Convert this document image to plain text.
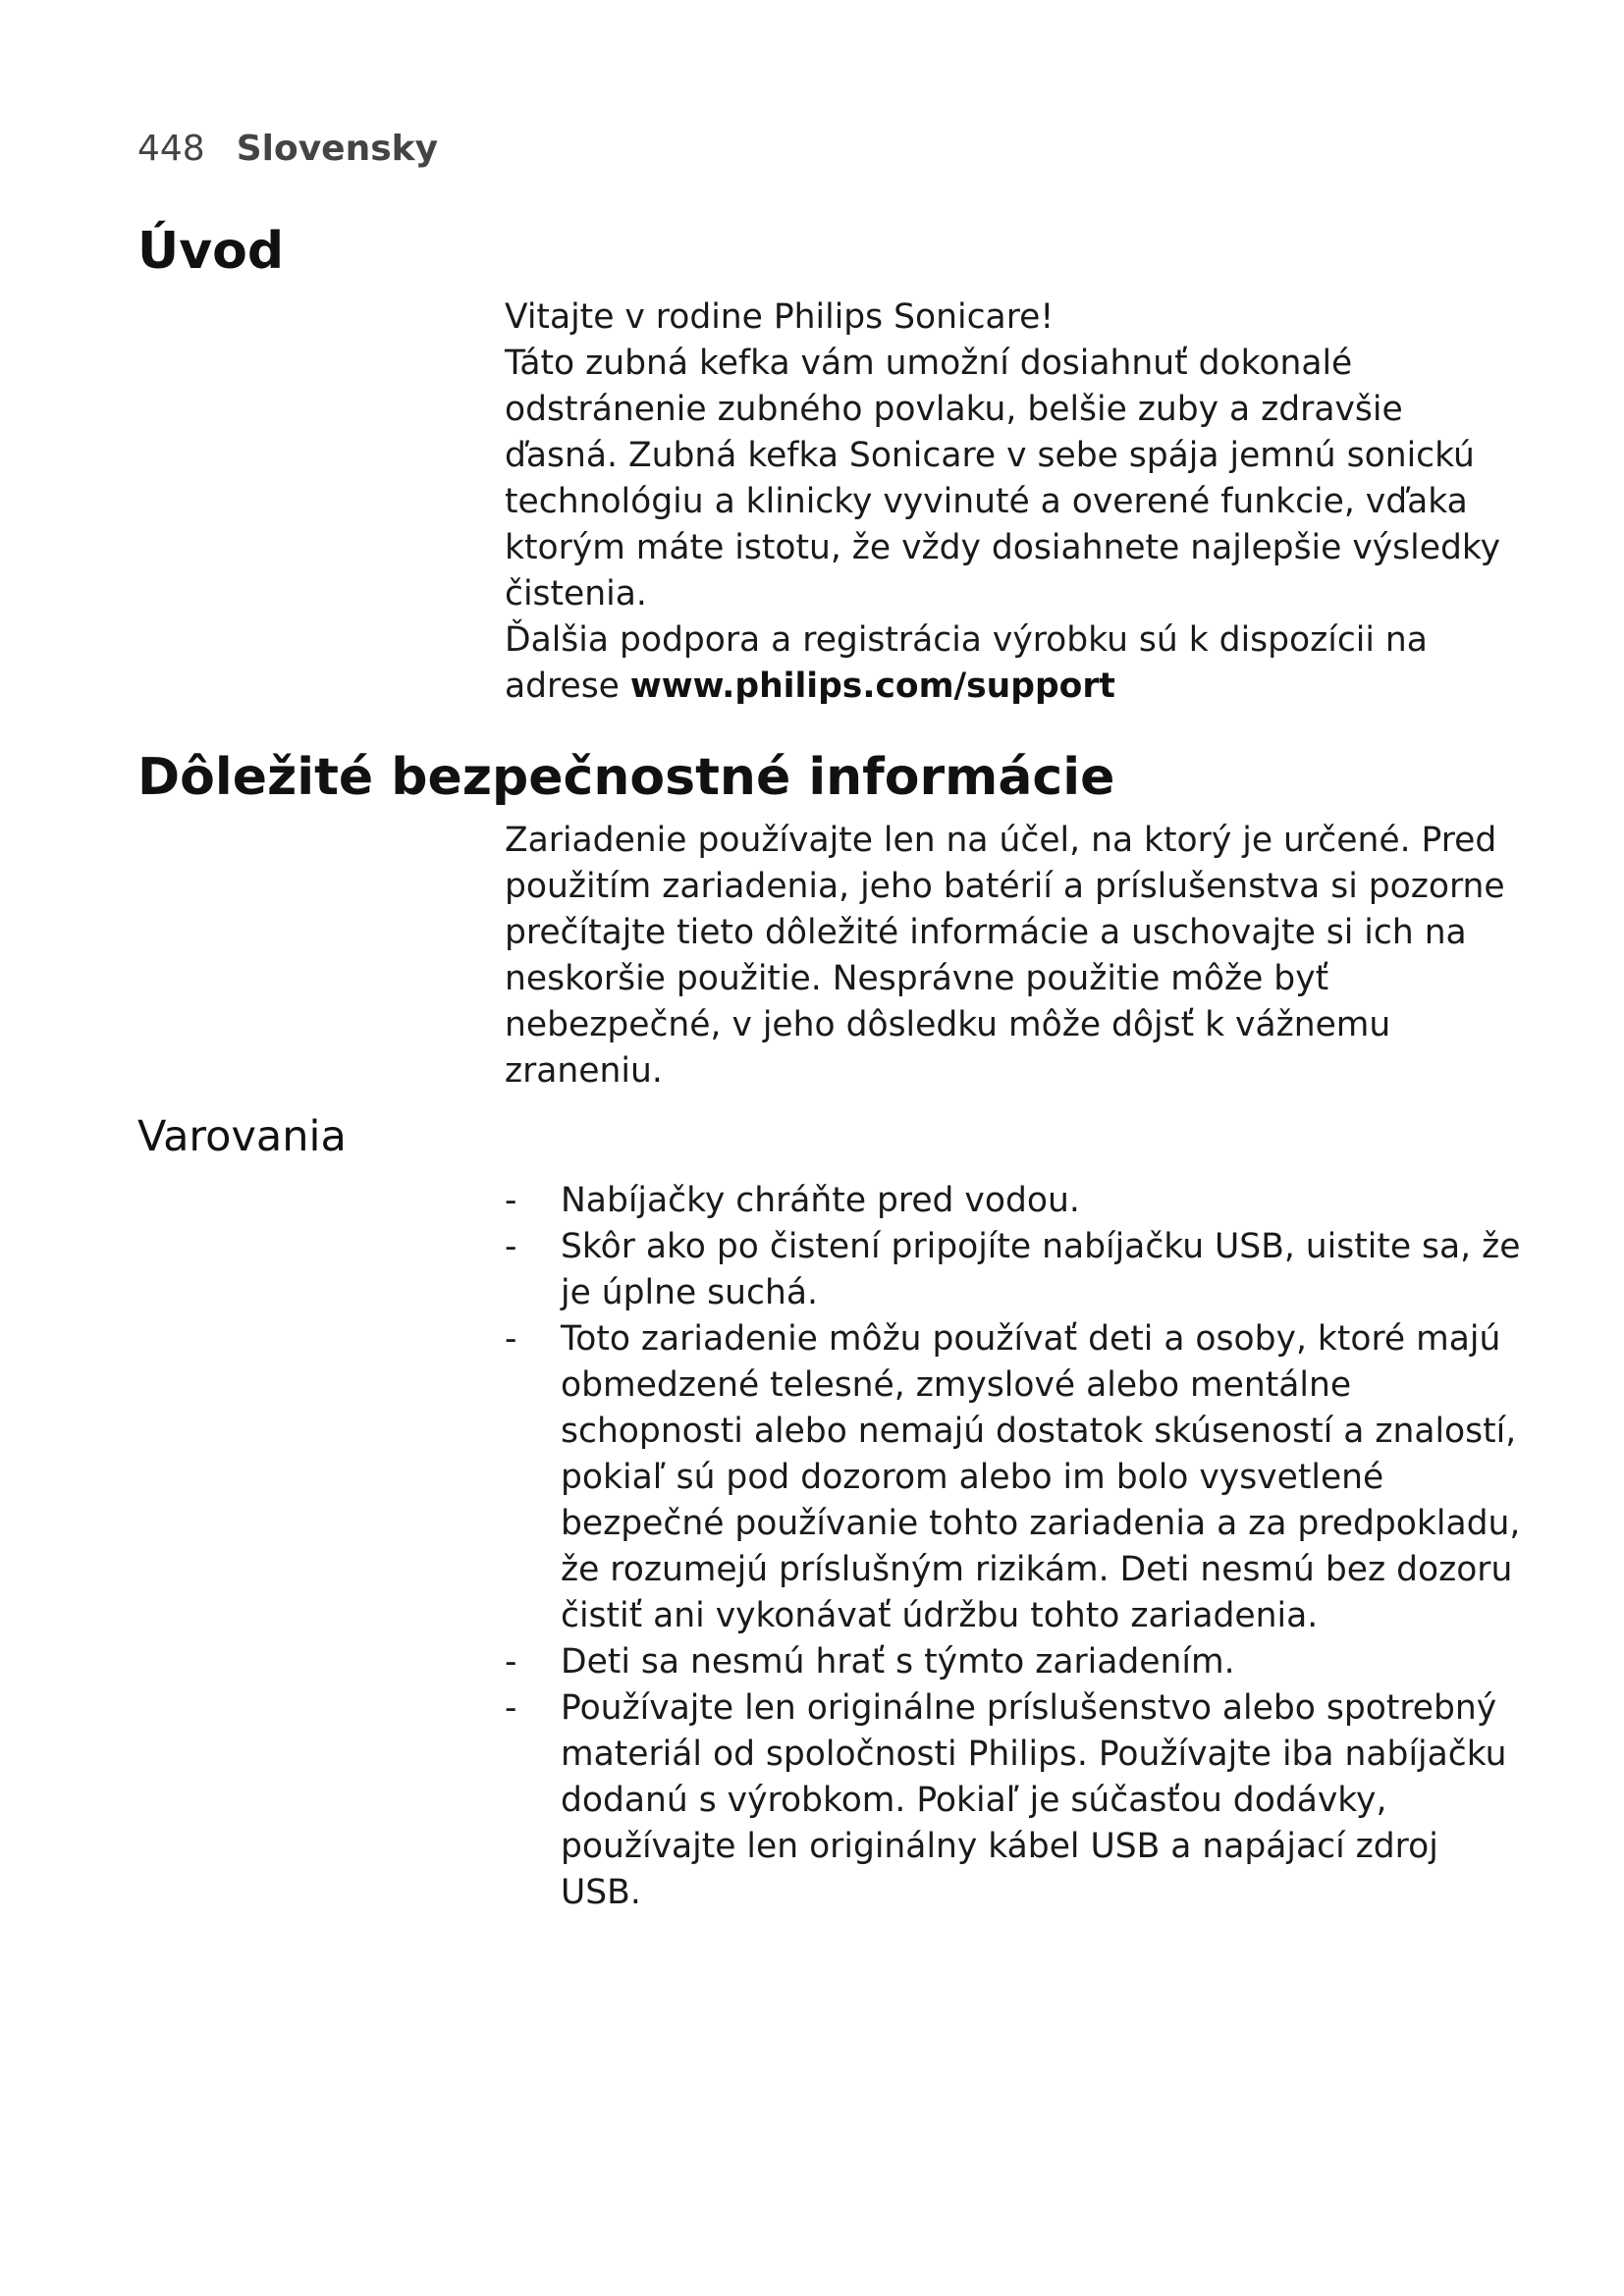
448 Slovensky
Úvod

Vitajte v rodine Philips Sonicare!

Táto zubná kefka vám umožní dosiahnuť dokonalé odstránenie zubného povlaku, belšie zuby a zdravšie ďasná. Zubná kefka Sonicare v sebe spája jemnú sonickú technológiu a klinicky vyvinuté a overené funkcie, vďaka ktorým máte istotu, že vždy dosiahnete najlepšie výsledky čistenia.

Ďalšia podpora a registrácia výrobku sú k dispozícii na adrese www.philips.com/support

Dôležité bezpečnostné informácie

Zariadenie používajte len na účel, na ktorý je určené. Pred použitím zariadenia, jeho batérií a príslušenstva si pozorne prečítajte tieto dôležité informácie a uschovajte si ich na neskoršie použitie. Nesprávne použitie môže byť nebezpečné, v jeho dôsledku môže dôjsť k vážnemu zraneniu.

Varovania
- Nabíjačky chráňte pred vodou.
- Skôr ako po čistení pripojíte nabíjačku USB, uistite sa, že je úplne suchá.
- Toto zariadenie môžu používať deti a osoby, ktoré majú obmedzené telesné, zmyslové alebo mentálne schopnosti alebo nemajú dostatok skúseností a znalostí, pokiaľ sú pod dozorom alebo im bolo vysvetlené bezpečné používanie tohto zariadenia a za predpokladu, že rozumejú príslušným rizikám. Deti nesmú bez dozoru čistiť ani vykonávať údržbu tohto zariadenia.
- Deti sa nesmú hrať s týmto zariadením.
- Používajte len originálne príslušenstvo alebo spotrebný materiál od spoločnosti Philips. Používajte iba nabíjačku dodanú s výrobkom. Pokiaľ je súčasťou dodávky, používajte len originálny kábel USB a napájací zdroj USB.
